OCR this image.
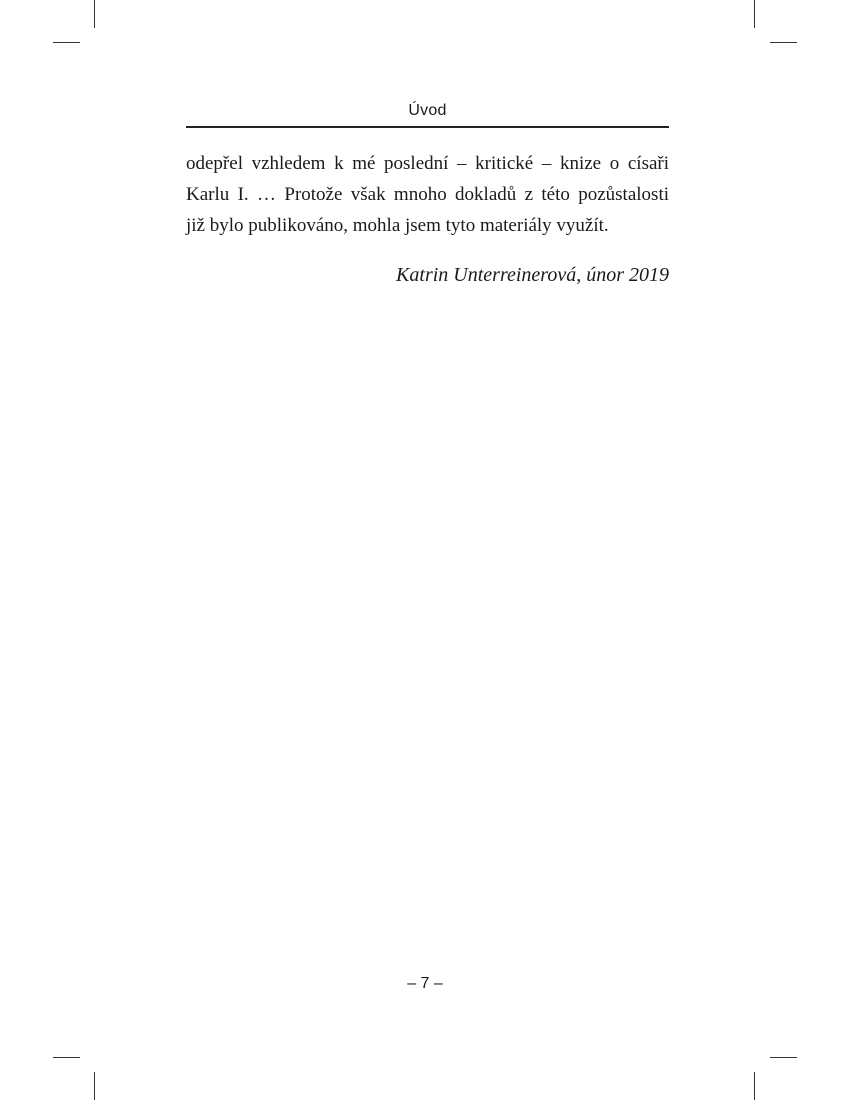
Úvod

odepřel vzhledem k mé poslední – kritické – knize o císaři
Karlu I. … Protože však mnoho dokladů z této pozůstalosti
již bylo publikováno, mohla jsem tyto materiály využít.

Katrin Unterreinerová, únor 2019
– 7 –
